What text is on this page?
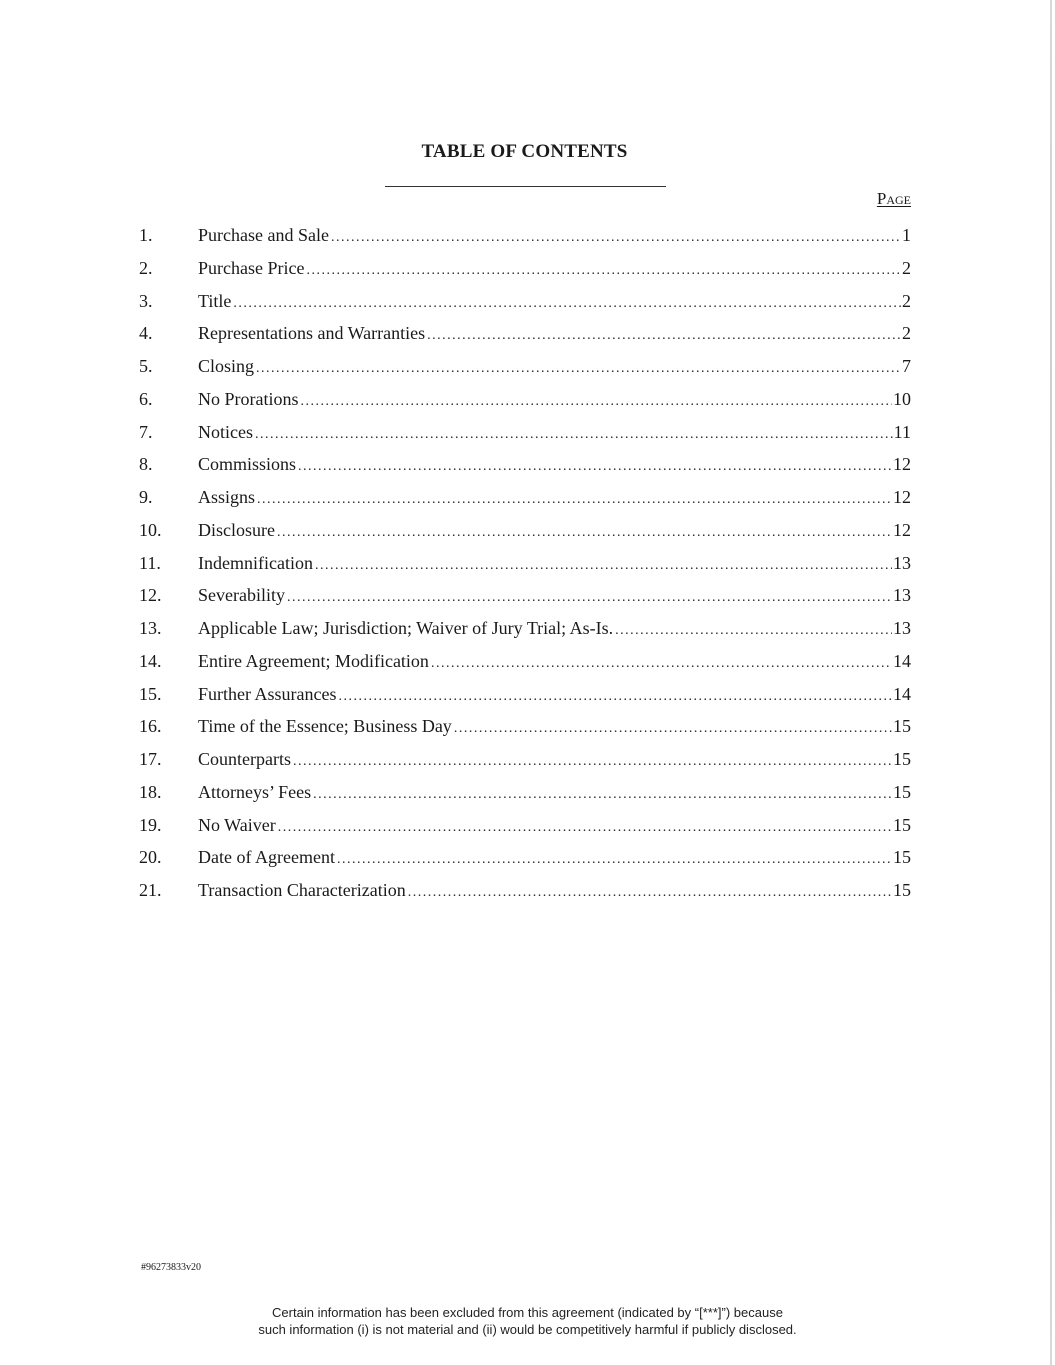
TABLE OF CONTENTS
Page
1.	Purchase and Sale .....	1
2.	Purchase Price .....	2
3.	Title .....	2
4.	Representations and Warranties .....	2
5.	Closing .....	7
6.	No Prorations .....	10
7.	Notices .....	11
8.	Commissions .....	12
9.	Assigns .....	12
10.	Disclosure .....	12
11.	Indemnification .....	13
12.	Severability .....	13
13.	Applicable Law; Jurisdiction; Waiver of Jury Trial; As-Is. .....	13
14.	Entire Agreement; Modification .....	14
15.	Further Assurances .....	14
16.	Time of the Essence; Business Day .....	15
17.	Counterparts .....	15
18.	Attorneys’ Fees .....	15
19.	No Waiver .....	15
20.	Date of Agreement .....	15
21.	Transaction Characterization .....	15
#96273833v20
Certain information has been excluded from this agreement (indicated by “[***]”) because
such information (i) is not material and (ii) would be competitively harmful if publicly disclosed.
